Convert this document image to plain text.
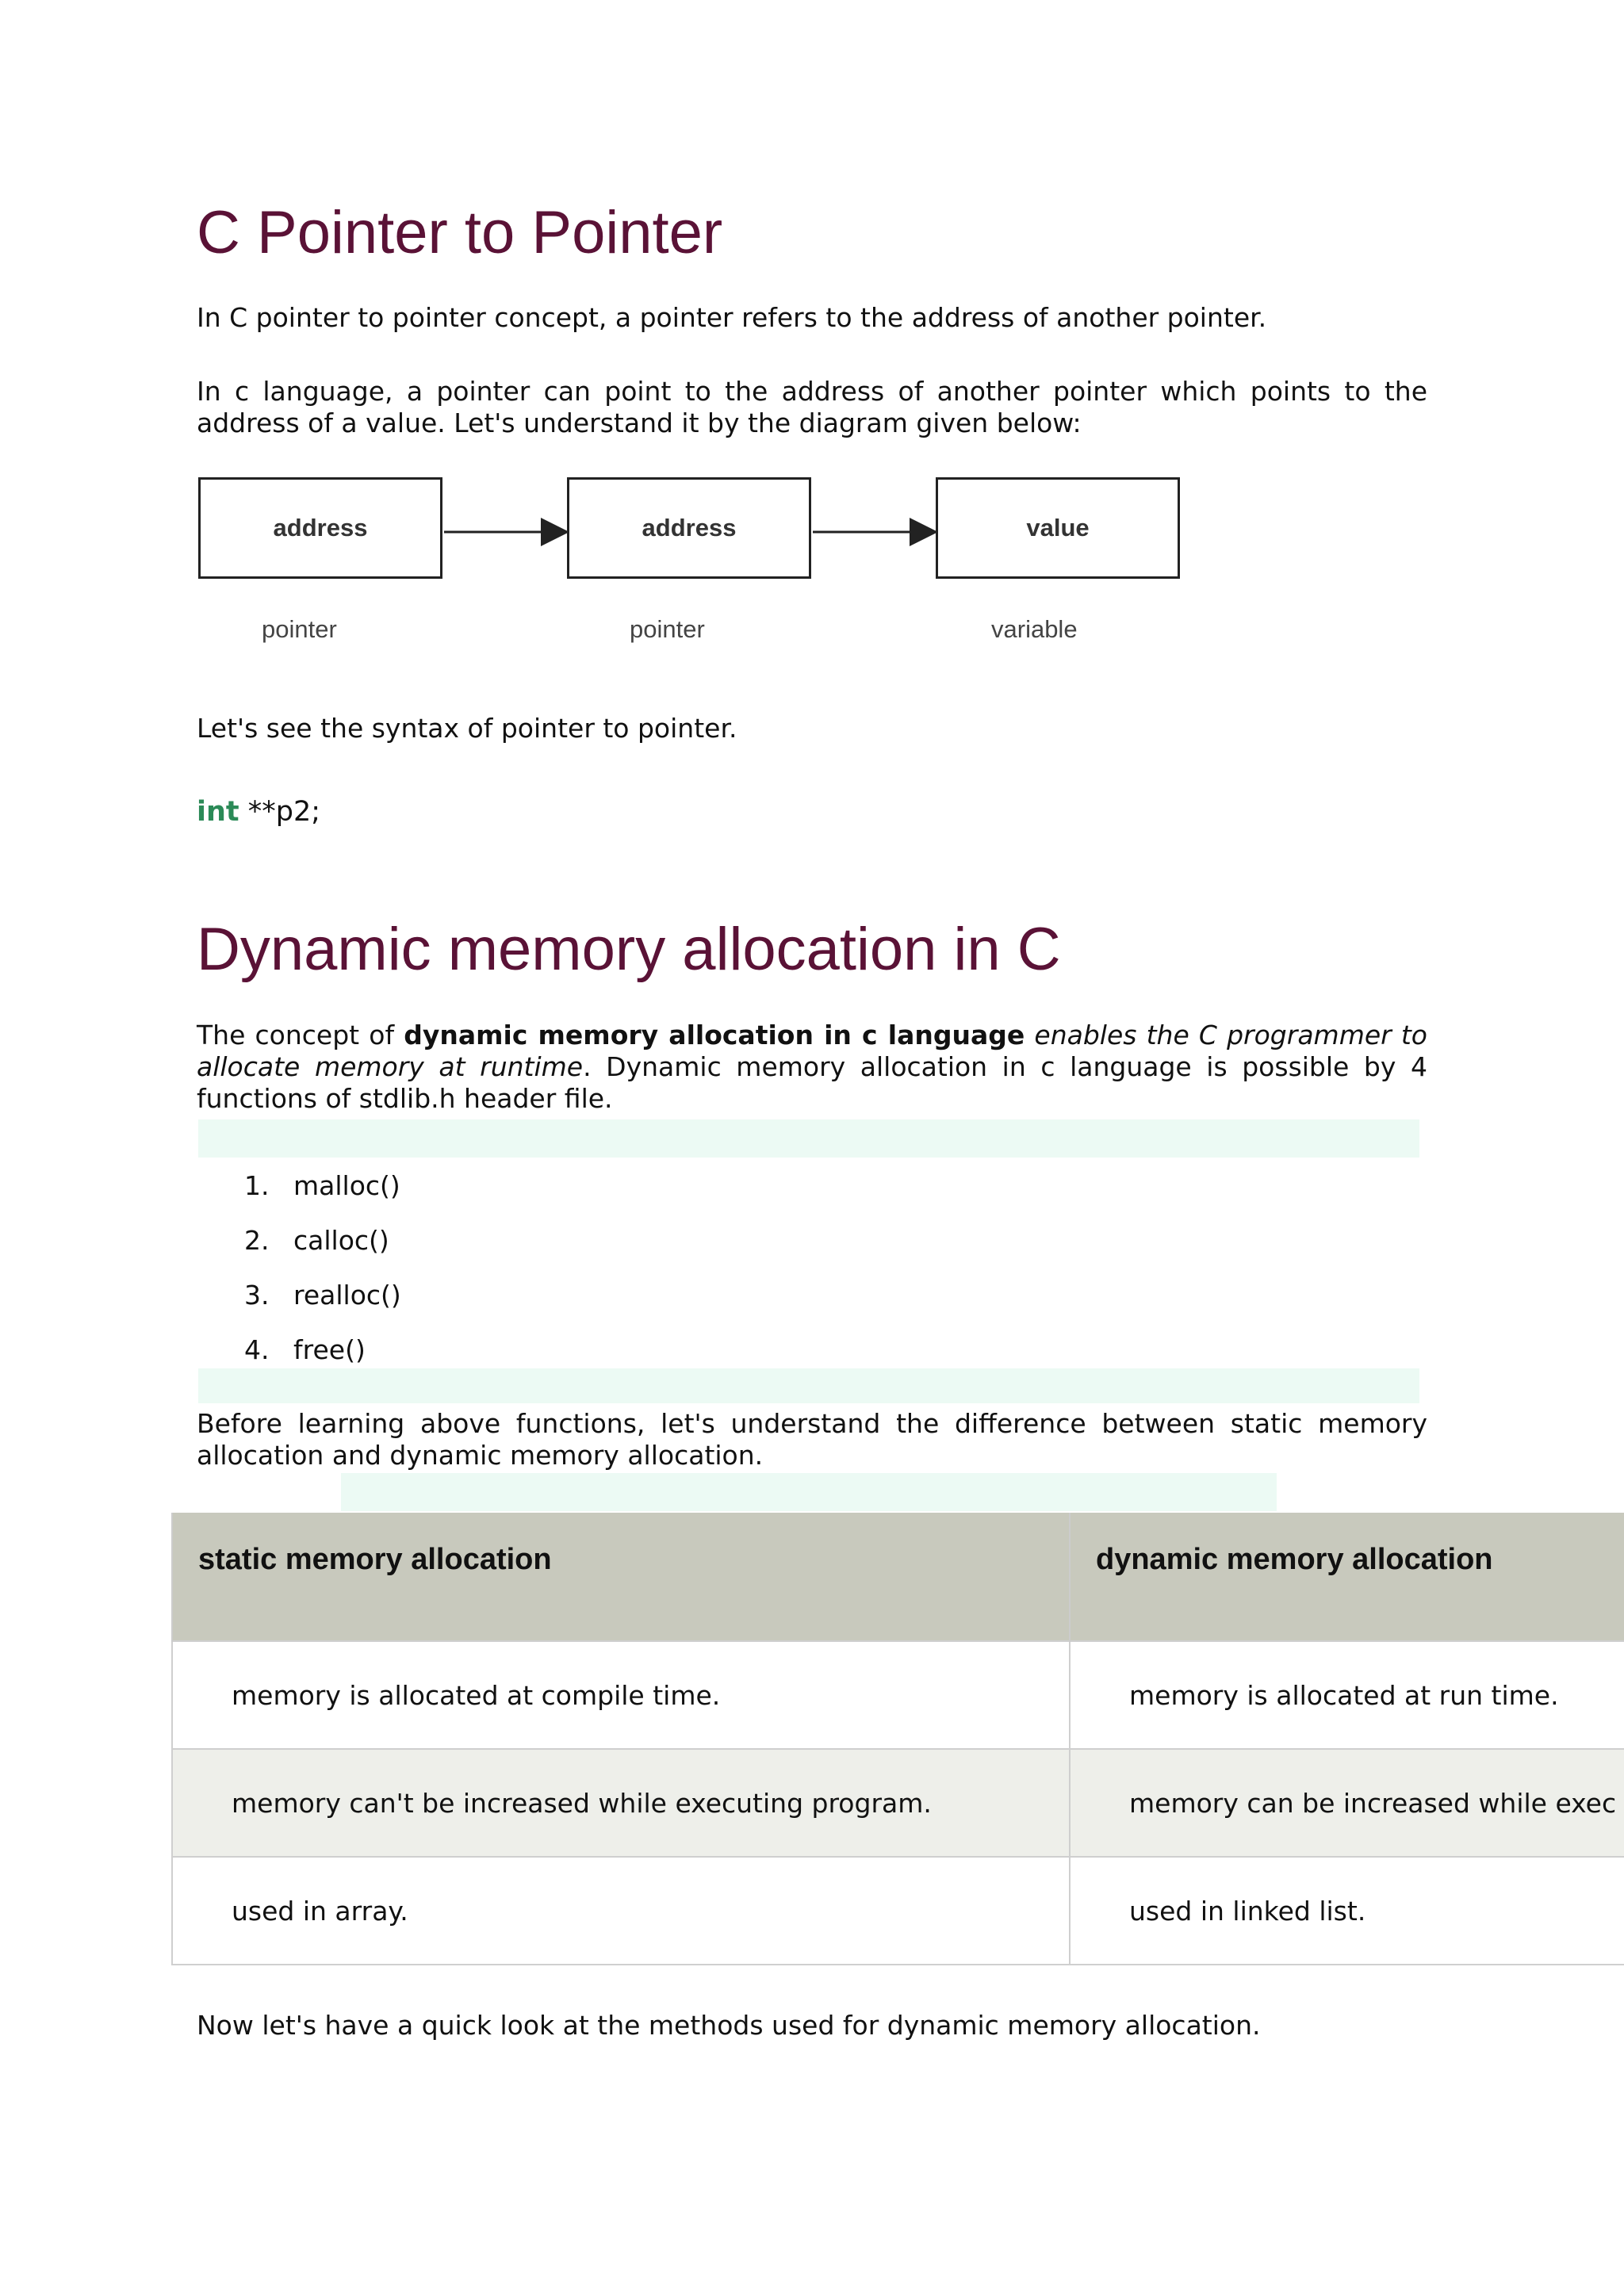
C Pointer to Pointer

In C pointer to pointer concept, a pointer refers to the address of another pointer.

In c language, a pointer can point to the address of another pointer which points to the address of a value. Let's understand it by the diagram given below:

address	address	value
pointer	pointer	variable

Let's see the syntax of pointer to pointer.

int **p2;

Dynamic memory allocation in C

The concept of dynamic memory allocation in c language enables the C programmer to allocate memory at runtime. Dynamic memory allocation in c language is possible by 4 functions of stdlib.h header file.

1. malloc()
2. calloc()
3. realloc()
4. free()

Before learning above functions, let's understand the difference between static memory allocation and dynamic memory allocation.

Now let's have a quick look at the methods used for dynamic memory allocation.

static memory allocation	dynamic memory allocation
memory is allocated at compile time.	memory is allocated at run time.
memory can't be increased while executing program.	memory can be increased while exec
used in array.	used in linked list.
